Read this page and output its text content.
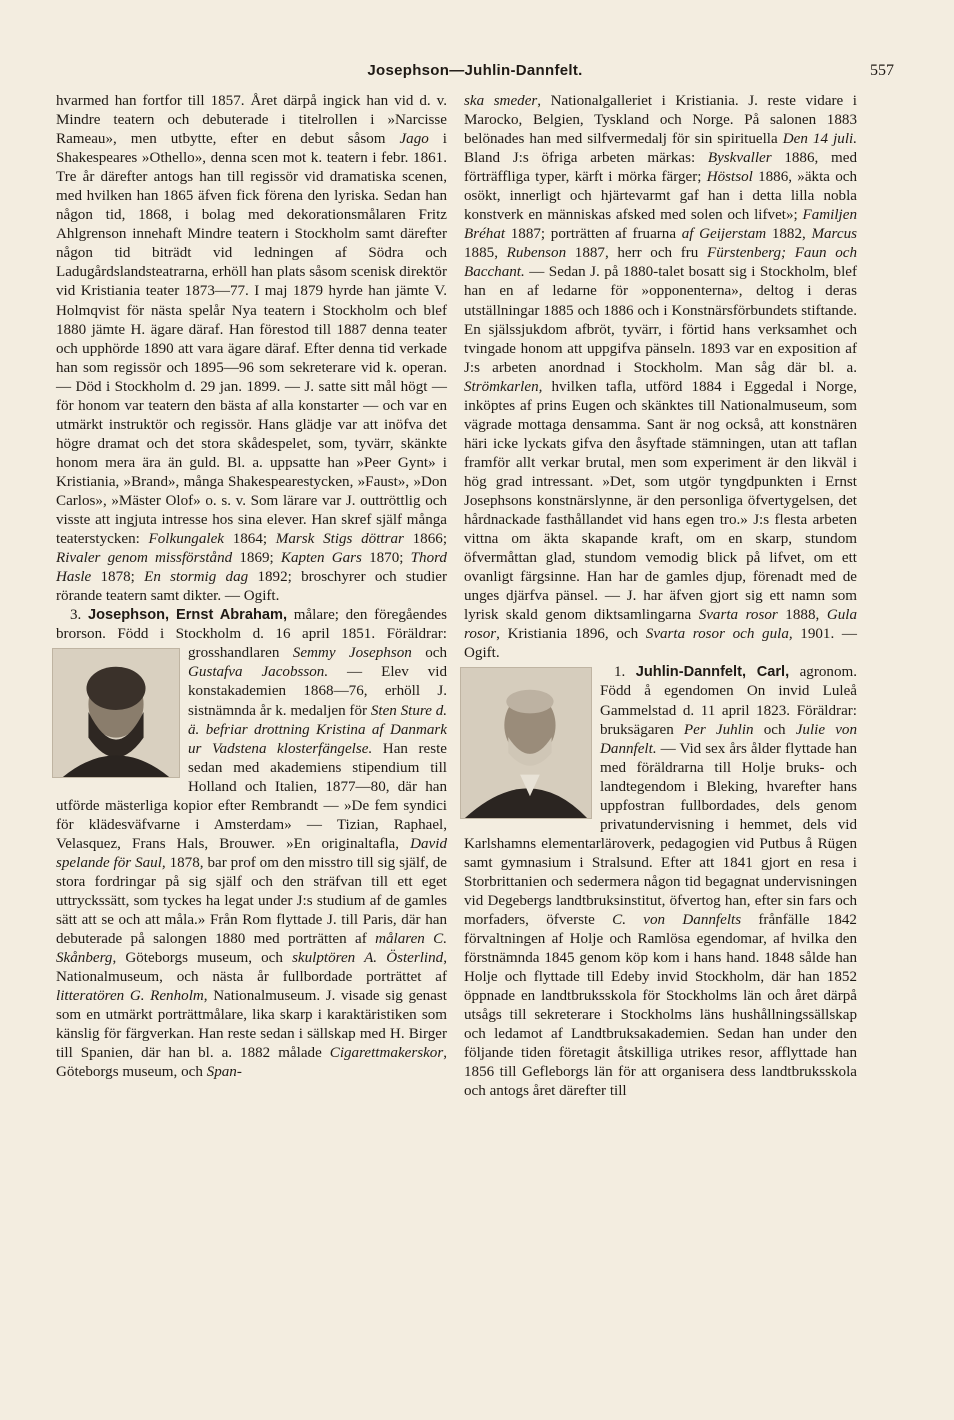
Josephson—Juhlin-Dannfelt.	557

hvarmed han fortfor till 1857. Året därpå ingick han vid d. v. Mindre teatern och debuterade i titelrollen i »Narcisse Rameau», men utbytte, efter en debut såsom Jago i Shakespeares »Othello», denna scen mot k. teatern i febr. 1861. Tre år därefter antogs han till regissör vid dramatiska scenen, med hvilken han 1865 äfven fick förena den lyriska. Sedan han någon tid, 1868, i bolag med dekorationsmålaren Fritz Ahlgrenson innehaft Mindre teatern i Stockholm samt därefter någon tid biträdt vid ledningen af Södra och Ladugårdslandsteatrarna, erhöll han plats såsom scenisk direktör vid Kristiania teater 1873—77. I maj 1879 hyrde han jämte V. Holmqvist för nästa spelår Nya teatern i Stockholm och blef 1880 jämte H. ägare däraf. Han förestod till 1887 denna teater och upphörde 1890 att vara ägare däraf. Efter denna tid verkade han som regissör och 1895—96 som sekreterare vid k. operan. — Död i Stockholm d. 29 jan. 1899. — J. satte sitt mål högt — för honom var teatern den bästa af alla konstarter — och var en utmärkt instruktör och regissör. Hans glädje var att inöfva det högre dramat och det stora skådespelet, som, tyvärr, skänkte honom mera ära än guld. Bl. a. uppsatte han »Peer Gynt» i Kristiania, »Brand», många Shakespearestycken, »Faust», »Don Carlos», »Mäster Olof» o. s. v. Som lärare var J. outtröttlig och visste att ingjuta intresse hos sina elever. Han skref själf många teaterstycken: Folkungalek 1864; Marsk Stigs döttrar 1866; Rivaler genom missförstånd 1869; Kapten Gars 1870; Thord Hasle 1878; En stormig dag 1892; broschyrer och studier rörande teatern samt dikter. — Ogift.

3. Josephson, Ernst Abraham, målare; den föregåendes brorson. Född i Stockholm d. 16 april 1851. Föräldrar: grosshandlaren
Semmy Josephson och Gustafva Jacobsson. — Elev vid konstakademien 1868—76, erhöll J. sistnämnda år k. medaljen för Sten Sture d. ä. befriar drottning Kristina af Danmark ur Vadstena klosterfängelse. Han reste sedan med akademiens stipendium till Holland och Italien, 1877—80, där han utförde mästerliga kopior efter Rembrandt — »De fem syndici för klädesväfvarne i Amsterdam» — Tizian, Raphael, Velasquez, Frans Hals, Brouwer. »En originaltafla, David spelande för Saul, 1878, bar prof om den misstro till sig själf, de stora fordringar på sig själf och den sträfvan till ett eget uttryckssätt, som tyckes ha legat under J:s studium af de gamles sätt att se och att måla.» Från Rom flyttade J. till Paris, där han debuterade på salongen 1880 med porträtten af målaren C. Skånberg, Göteborgs museum, och skulptören A. Österlind, Nationalmuseum, och nästa år fullbordade porträttet af litteratören G. Renholm, Nationalmuseum. J. visade sig genast som en utmärkt porträttmålare, lika skarp i karaktäristiken som känslig för färgverkan. Han reste sedan i sällskap med H. Birger till Spanien, där han bl. a. 1882 målade Cigarettmakerskor, Göteborgs museum, och Span-

ska smeder, Nationalgalleriet i Kristiania. J. reste vidare i Marocko, Belgien, Tyskland och Norge. På salonen 1883 belönades han med silfvermedalj för sin spirituella Den 14 juli. Bland J:s öfriga arbeten märkas: Byskvaller 1886, med förträffliga typer, kärft i mörka färger; Höstsol 1886, »äkta och osökt, innerligt och hjärtevarmt gaf han i detta lilla nobla konstverk en människas afsked med solen och lifvet»; Familjen Bréhat 1887; porträtten af fruarna af Geijerstam 1882, Marcus 1885, Rubenson 1887, herr och fru Fürstenberg; Faun och Bacchant. — Sedan J. på 1880-talet bosatt sig i Stockholm, blef han en af ledarne för »opponenterna», deltog i deras utställningar 1885 och 1886 och i Konstnärsförbundets stiftande. En själssjukdom afbröt, tyvärr, i förtid hans verksamhet och tvingade honom att uppgifva pänseln. 1893 var en exposition af J:s arbeten anordnad i Stockholm. Man såg där bl. a. Strömkarlen, hvilken tafla, utförd 1884 i Eggedal i Norge, inköptes af prins Eugen och skänktes till Nationalmuseum, som vägrade mottaga densamma. Sant är nog också, att konstnären häri icke lyckats gifva den åsyftade stämningen, utan att taflan framför allt verkar brutal, men som experiment är den likväl i hög grad intressant. »Det, som utgör tyngdpunkten i Ernst Josephsons konstnärslynne, är den personliga öfvertygelsen, det hårdnackade fasthållandet vid hans egen tro.» J:s flesta arbeten vittna om äkta skapande kraft, om en skarp, stundom öfvermåttan glad, stundom vemodig blick på lifvet, om ett ovanligt färgsinne. Han har de gamles djup, förenadt med de unges djärfva pänsel. — J. har äfven gjort sig ett namn som lyrisk skald genom diktsamlingarna Svarta rosor 1888, Gula rosor, Kristiania 1896, och Svarta rosor och gula, 1901. — Ogift.

1. Juhlin-Dannfelt, Carl,
agronom. Född å egendomen On invid Luleå Gammelstad d. 11 april 1823. Föräldrar: bruksägaren Per Juhlin och Julie von Dannfelt. — Vid sex års ålder flyttade han med föräldrarna till Holje bruks- och landtegendom i Bleking, hvarefter hans uppfostran fullbordades, dels genom privatundervisning i hemmet, dels vid Karlshamns elementarläroverk, pedagogien vid Putbus å Rügen samt gymnasium i Stralsund. Efter att 1841 gjort en resa i Storbrittanien och sedermera någon tid begagnat undervisningen vid Degebergs landtbruksinstitut, öfvertog han, efter sin fars och morfaders, öfverste C. von Dannfelts frånfälle 1842 förvaltningen af Holje och Ramlösa egendomar, af hvilka den förstnämnda 1845 genom köp kom i hans hand. 1848 sålde han Holje och flyttade till Edeby invid Stockholm, där han 1852 öppnade en landtbruksskola för Stockholms län och året därpå utsågs till sekreterare i Stockholms läns hushållningssällskap och ledamot af Landtbruksakademien. Sedan han under den följande tiden företagit åtskilliga utrikes resor, afflyttade han 1856 till Gefleborgs län för att organisera dess landtbruksskola och antogs året därefter till
